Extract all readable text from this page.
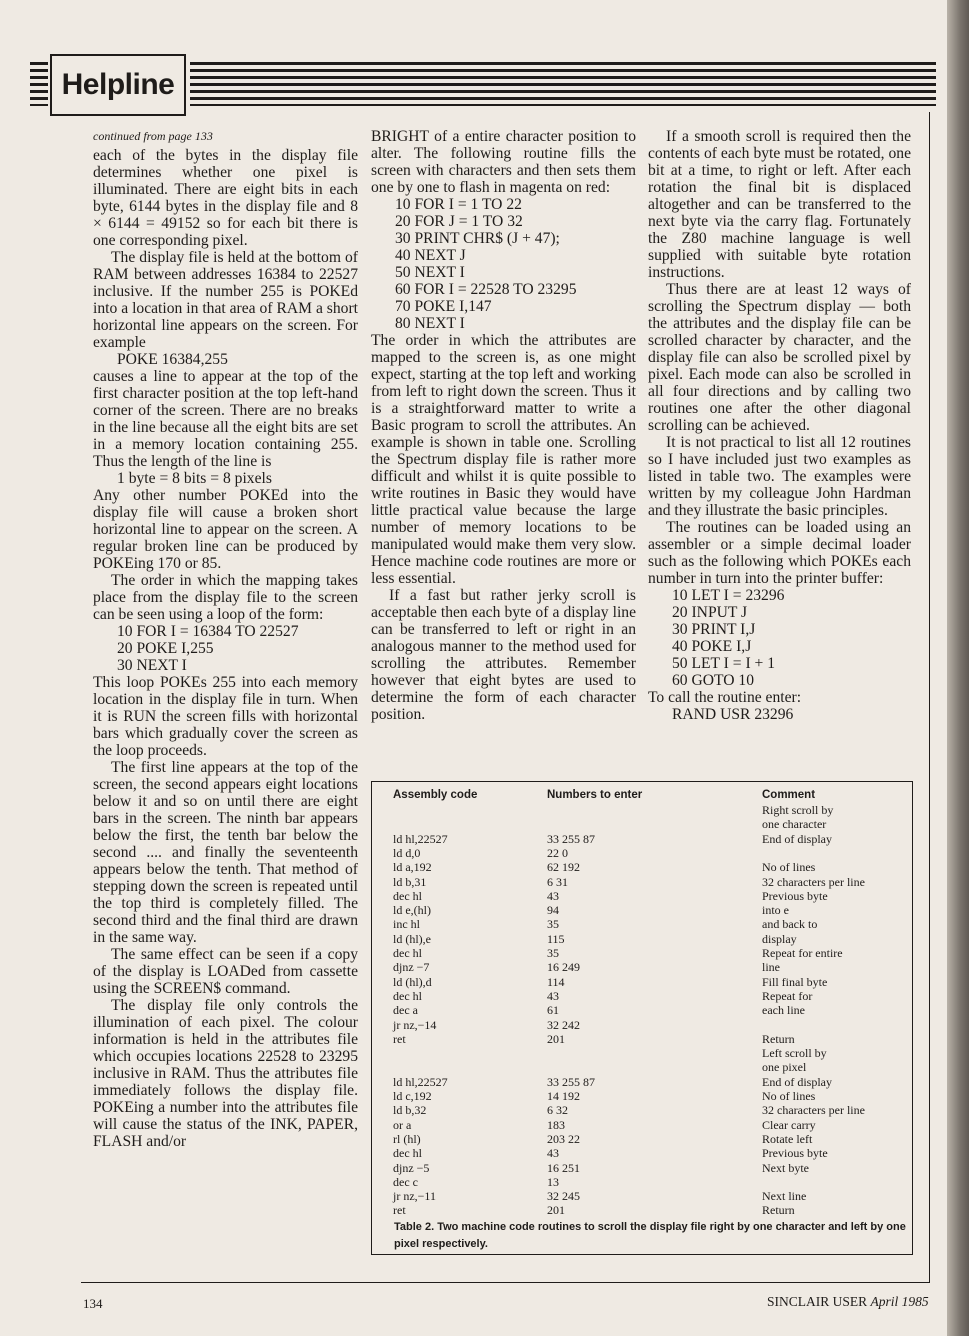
Helpline

continued from page 133

each of the bytes in the display file determines whether one pixel is illuminated. There are eight bits in each byte, 6144 bytes in the display file and 8 × 6144 = 49152 so for each bit there is one corresponding pixel.

The display file is held at the bottom of RAM between addresses 16384 to 22527 inclusive. If the number 255 is POKEd into a location in that area of RAM a short horizontal line appears on the screen. For example

POKE 16384,255

causes a line to appear at the top of the first character position at the top left-hand corner of the screen. There are no breaks in the line because all the eight bits are set in a memory location containing 255. Thus the length of the line is

1 byte = 8 bits = 8 pixels

Any other number POKEd into the display file will cause a broken short horizontal line to appear on the screen. A regular broken line can be produced by POKEing 170 or 85.

The order in which the mapping takes place from the display file to the screen can be seen using a loop of the form:

10 FOR I = 16384 TO 22527

20 POKE I,255

30 NEXT I

This loop POKEs 255 into each memory location in the display file in turn. When it is RUN the screen fills with horizontal bars which gradually cover the screen as the loop proceeds.

The first line appears at the top of the screen, the second appears eight locations below it and so on until there are eight bars in the screen. The ninth bar appears below the first, the tenth bar below the second .... and finally the seventeenth appears below the tenth. That method of stepping down the screen is repeated until the top third is completely filled. The second third and the final third are drawn in the same way.

The same effect can be seen if a copy of the display is LOADed from cassette using the SCREEN$ command.

The display file only controls the illumination of each pixel. The colour information is held in the attributes file which occupies locations 22528 to 23295 inclusive in RAM. Thus the attributes file immediately follows the display file. POKEing a number into the attributes file will cause the status of the INK, PAPER, FLASH and/or

BRIGHT of a entire character position to alter. The following routine fills the screen with characters and then sets them one by one to flash in magenta on red:

10 FOR I = 1 TO 22

20 FOR J = 1 TO 32

30 PRINT CHR$ (J + 47);

40 NEXT J

50 NEXT I

60 FOR I = 22528 TO 23295

70 POKE I,147

80 NEXT I

The order in which the attributes are mapped to the screen is, as one might expect, starting at the top left and working from left to right down the screen. Thus it is a straightforward matter to write a Basic program to scroll the attributes. An example is shown in table one. Scrolling the Spectrum display file is rather more difficult and whilst it is quite possible to write routines in Basic they would have little practical value because the large number of memory locations to be manipulated would make them very slow. Hence machine code routines are more or less essential.

If a fast but rather jerky scroll is acceptable then each byte of a display line can be transferred to left or right in an analogous manner to the method used for scrolling the attributes. Remember however that eight bytes are used to determine the form of each character position.

If a smooth scroll is required then the contents of each byte must be rotated, one bit at a time, to right or left. After each rotation the final bit is displaced altogether and can be transferred to the next byte via the carry flag. Fortunately the Z80 machine language is well supplied with suitable byte rotation instructions.

Thus there are at least 12 ways of scrolling the Spectrum display — both the attributes and the display file can be scrolled character by character, and the display file can also be scrolled pixel by pixel. Each mode can also be scrolled in all four directions and by calling two routines one after the other diagonal scrolling can be achieved.

It is not practical to list all 12 routines so I have included just two examples as listed in table two. The examples were written by my colleague John Hardman and they illustrate the basic principles.

The routines can be loaded using an assembler or a simple decimal loader such as the following which POKEs each number in turn into the printer buffer:

10 LET I = 23296

20 INPUT J

30 PRINT I,J

40 POKE I,J

50 LET I = I + 1

60 GOTO 10

To call the routine enter:

RAND USR 23296

Assembly code	Numbers to enter	Comment
Right scroll by
one character
ld hl,22527	33 255 87	End of display
ld d,0	22 0
ld a,192	62 192	No of lines
ld b,31	6 31	32 characters per line
dec hl	43	Previous byte
ld e,(hl)	94	into e
inc hl	35	and back to
ld (hl),e	115	display
dec hl	35	Repeat for entire
djnz −7	16 249	line
ld (hl),d	114	Fill final byte
dec hl	43	Repeat for
dec a	61	each line
jr nz,−14	32 242
ret	201	Return
Left scroll by
one pixel
ld hl,22527	33 255 87	End of display
ld c,192	14 192	No of lines
ld b,32	6 32	32 characters per line
or a	183	Clear carry
rl (hl)	203 22	Rotate left
dec hl	43	Previous byte
djnz −5	16 251	Next byte
dec c	13
jr nz,−11	32 245	Next line
ret	201	Return
Table 2. Two machine code routines to scroll the display file right by one character and left by one pixel respectively.
134	SINCLAIR USER April 1985
